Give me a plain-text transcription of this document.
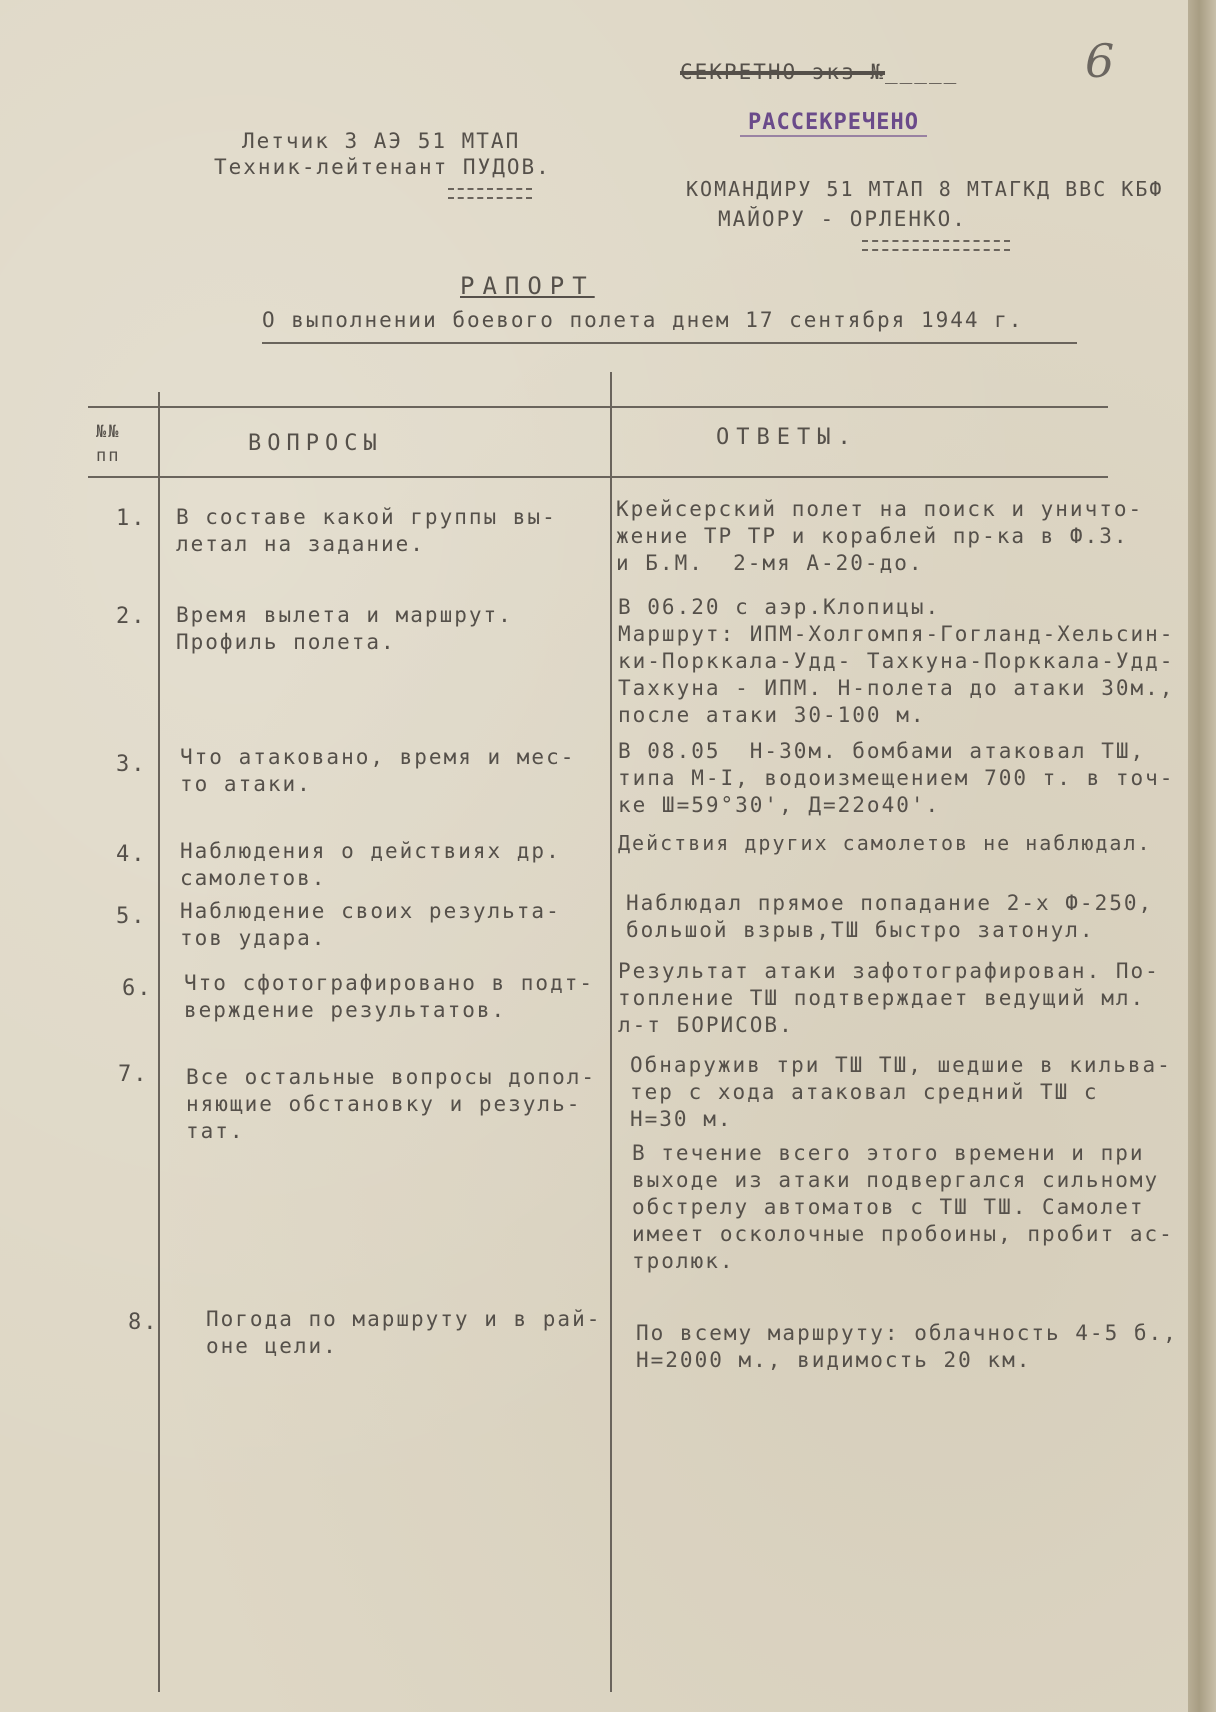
6
Летчик 3 АЭ 51 МТАП
Техник-лейтенант ПУДОВ.
СЕКРЕТНО экз №_____
РАССЕКРЕЧЕНО
КОМАНДИРУ 51 МТАП 8 МТАГКД ВВС КБФ
МАЙОРУ - ОРЛЕНКО.
РАПОРТ
О выполнении боевого полета днем 17 сентября 1944 г.
№№
пп	ВОПРОСЫ	ОТВЕТЫ.
1. В составе какой группы вы-
летал на задание.
Крейсерский полет на поиск и уничто-
жение ТР ТР и кораблей пр-ка в Ф.З.
и Б.М.  2-мя А-20-до.
2. Время вылета и маршрут.
Профиль полета.
В 06.20 с аэр.Клопицы.
Маршрут: ИПМ-Холгомпя-Гогланд-Хельсин-
ки-Порккала-Удд- Тахкуна-Порккала-Удд-
Тахкуна - ИПМ. Н-полета до атаки 30м.,
после атаки 30-100 м.
3. Что атаковано, время и мес-
то атаки.
В 08.05  Н-30м. бомбами атаковал ТШ,
типа М-I, водоизмещением 700 т. в точ-
ке Ш=59°30', Д=22о40'.
4. Наблюдения о действиях др.
самолетов.
Действия других самолетов не наблюдал.
5. Наблюдение своих результа-
тов удара.
Наблюдал прямое попадание 2-х Ф-250,
большой взрыв,ТШ быстро затонул.
6. Что сфотографировано в подт-
верждение результатов.
Результат атаки зафотографирован. По-
топление ТШ подтверждает ведущий мл.
л-т БОРИСОВ.
7. Все остальные вопросы допол-
няющие обстановку и резуль-
тат.
Обнаружив три ТШ ТШ, шедшие в кильва-
тер с хода атаковал средний ТШ с
Н=30 м.
В течение всего этого времени и при
выходе из атаки подвергался сильному
обстрелу автоматов с ТШ ТШ. Самолет
имеет осколочные пробоины, пробит ас-
тролюк.
8. Погода по маршруту и в рай-
оне цели.
По всему маршруту: облачность 4-5 б.,
Н=2000 м., видимость 20 км.
